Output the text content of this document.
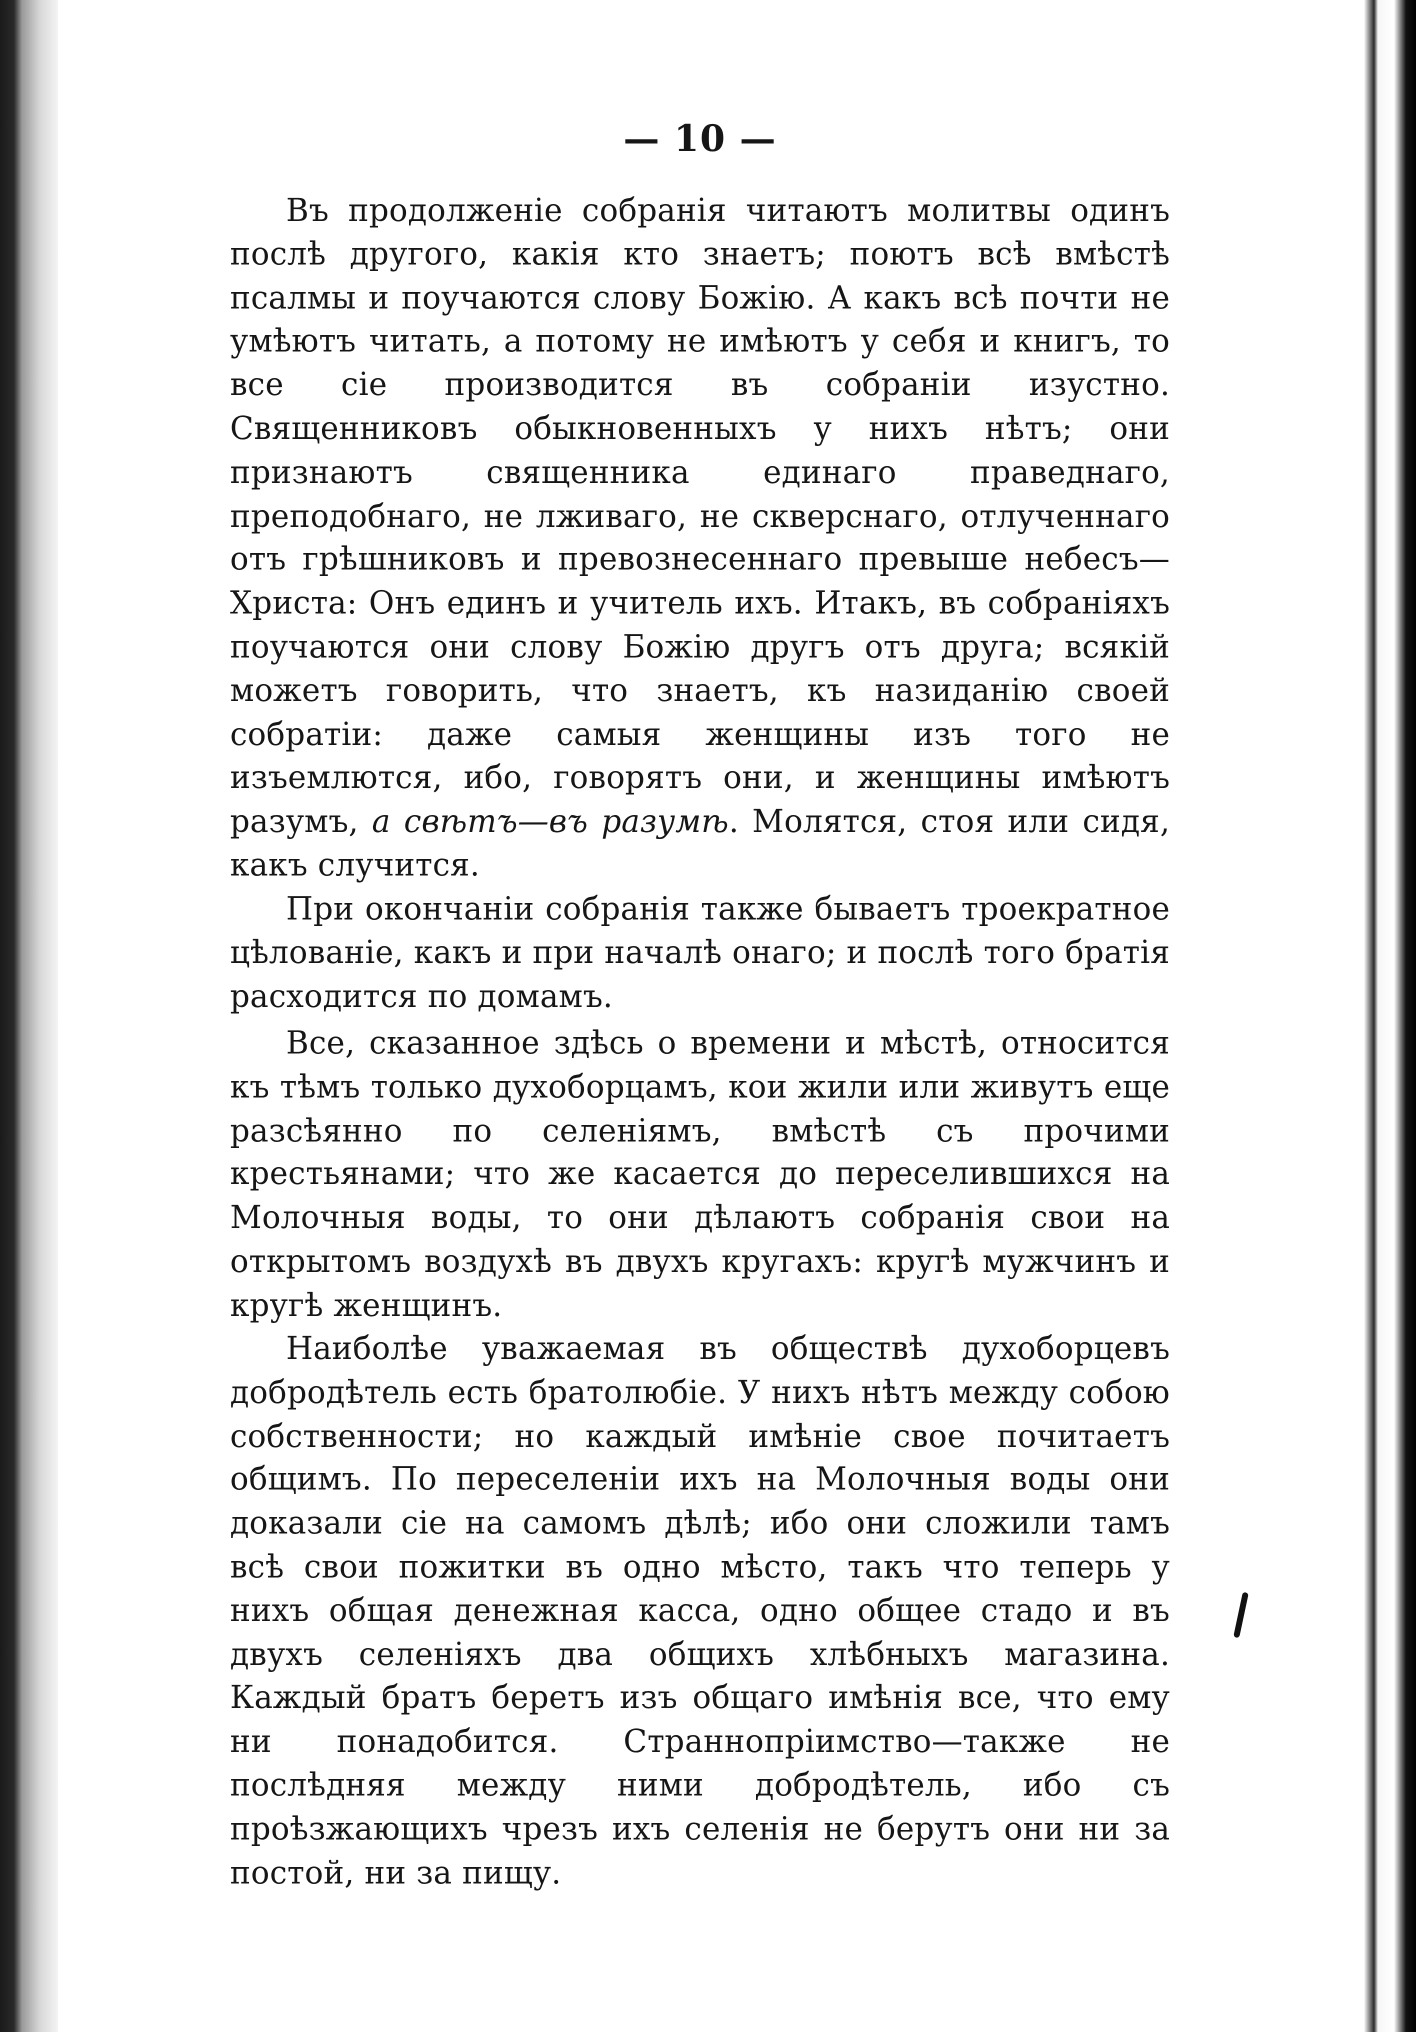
— 10 —

Въ продолженіе собранія читаютъ молитвы одинъ послѣ другого, какія кто знаетъ; поютъ всѣ вмѣстѣ псалмы и поучаются слову Божію. А какъ всѣ почти не умѣютъ читать, а потому не имѣютъ у себя и книгъ, то все сіе производится въ собраніи изустно. Священниковъ обыкновенныхъ у нихъ нѣтъ; они признаютъ священника единаго праведнаго, преподобнаго, не лживаго, не скверснаго, отлученнаго отъ грѣшниковъ и превознесеннаго превыше небесъ—Христа: Онъ единъ и учитель ихъ. Итакъ, въ собраніяхъ поучаются они слову Божію другъ отъ друга; всякій можетъ говорить, что знаетъ, къ назиданію своей собратіи: даже самыя женщины изъ того не изъемлются, ибо, говорятъ они, и женщины имѣютъ разумъ, а свѣтъ—въ разумѣ. Молятся, стоя или сидя, какъ случится.

При окончаніи собранія также бываетъ троекратное цѣлованіе, какъ и при началѣ онаго; и послѣ того братія расходится по домамъ.

Все, сказанное здѣсь о времени и мѣстѣ, относится къ тѣмъ только духоборцамъ, кои жили или живутъ еще разсѣянно по селеніямъ, вмѣстѣ съ прочими крестьянами; что же касается до переселившихся на Молочныя воды, то они дѣлаютъ собранія свои на открытомъ воздухѣ въ двухъ кругахъ: кругѣ мужчинъ и кругѣ женщинъ.

Наиболѣе уважаемая въ обществѣ духоборцевъ добродѣтель есть братолюбіе. У нихъ нѣтъ между собою собственности; но каждый имѣніе свое почитаетъ общимъ. По переселеніи ихъ на Молочныя воды они доказали сіе на самомъ дѣлѣ; ибо они сложили тамъ всѣ свои пожитки въ одно мѣсто, такъ что теперь у нихъ общая денежная касса, одно общее стадо и въ двухъ селеніяхъ два общихъ хлѣбныхъ магазина. Каждый братъ беретъ изъ общаго имѣнія все, что ему ни понадобится. Страннопріимство—также не послѣдняя между ними добродѣтель, ибо съ проѣзжающихъ чрезъ ихъ селенія не берутъ они ни за постой, ни за пищу.
